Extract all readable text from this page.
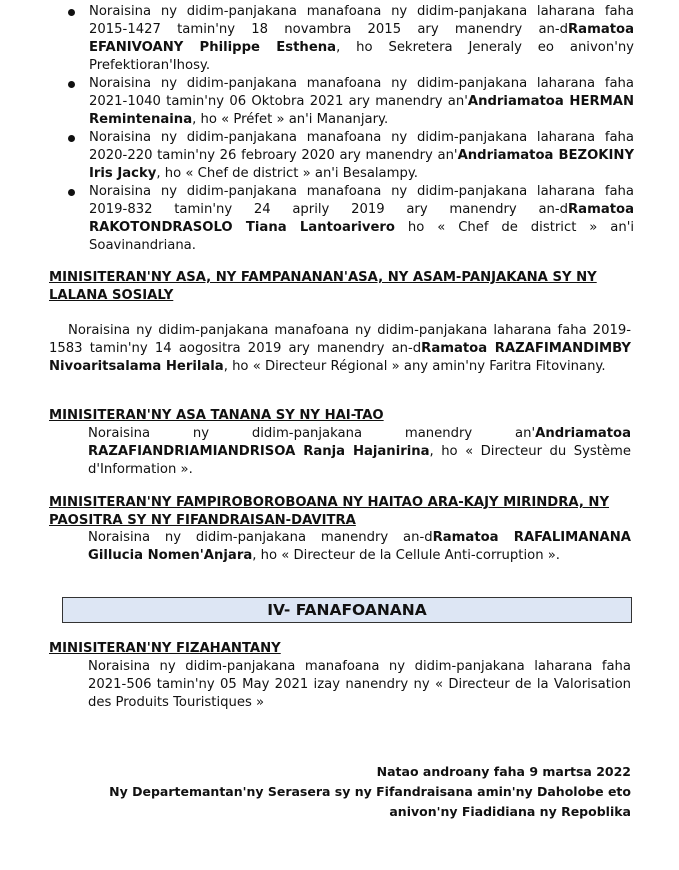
Noraisina ny didim-panjakana manafoana ny didim-panjakana laharana faha 2015-1427 tamin'ny 18 novambra 2015 ary manendry an-dRamatoa EFANIVOANY Philippe Esthena, ho Sekretera Jeneraly eo anivon'ny Prefektioran'Ihosy.
Noraisina ny didim-panjakana manafoana ny didim-panjakana laharana faha 2021-1040 tamin'ny 06 Oktobra 2021 ary manendry an'Andriamatoa HERMAN Remintenaina, ho « Préfet » an'i Mananjary.
Noraisina ny didim-panjakana manafoana ny didim-panjakana laharana faha 2020-220 tamin'ny 26 febroary 2020 ary manendry an'Andriamatoa BEZOKINY Iris Jacky, ho « Chef de district » an'i Besalampy.
Noraisina ny didim-panjakana manafoana ny didim-panjakana laharana faha 2019-832 tamin'ny 24 aprily 2019 ary manendry an-dRamatoa RAKOTONDRASOLO Tiana Lantoarivero ho « Chef de district » an'i Soavinandriana.
MINISITERAN'NY ASA, NY FAMPANANAN'ASA, NY ASAM-PANJAKANA SY NY LALANA SOSIALY
Noraisina ny didim-panjakana manafoana ny didim-panjakana laharana faha 2019-1583 tamin'ny 14 aogositra 2019 ary manendry an-dRamatoa RAZAFIMANDIMBY Nivoaritsalama Herilala, ho « Directeur Régional » any amin'ny Faritra Fitovinany.
MINISITERAN'NY ASA TANANA SY NY HAI-TAO
Noraisina ny didim-panjakana manendry an'Andriamatoa RAZAFIANDRIAMIANDRISOA Ranja Hajanirina, ho « Directeur du Système d'Information ».
MINISITERAN'NY FAMPIROBOROBOANA NY HAITAO ARA-KAJY MIRINDRA, NY PAOSITRA SY NY FIFANDRAISAN-DAVITRA
Noraisina ny didim-panjakana manendry an-dRamatoa RAFALIMANANA Gillucia Nomen'Anjara, ho « Directeur de la Cellule Anti-corruption ».
IV- FANAFOANANA
MINISITERAN'NY FIZAHANTANY
Noraisina ny didim-panjakana manafoana ny didim-panjakana laharana faha 2021-506 tamin'ny 05 May 2021 izay nanendry ny « Directeur de la Valorisation des Produits Touristiques »
Natao androany faha 9 martsa 2022
Ny Departemantan'ny Serasera sy ny Fifandraisana amin'ny Daholobe eto
anivon'ny Fiadidiana ny Repoblika
